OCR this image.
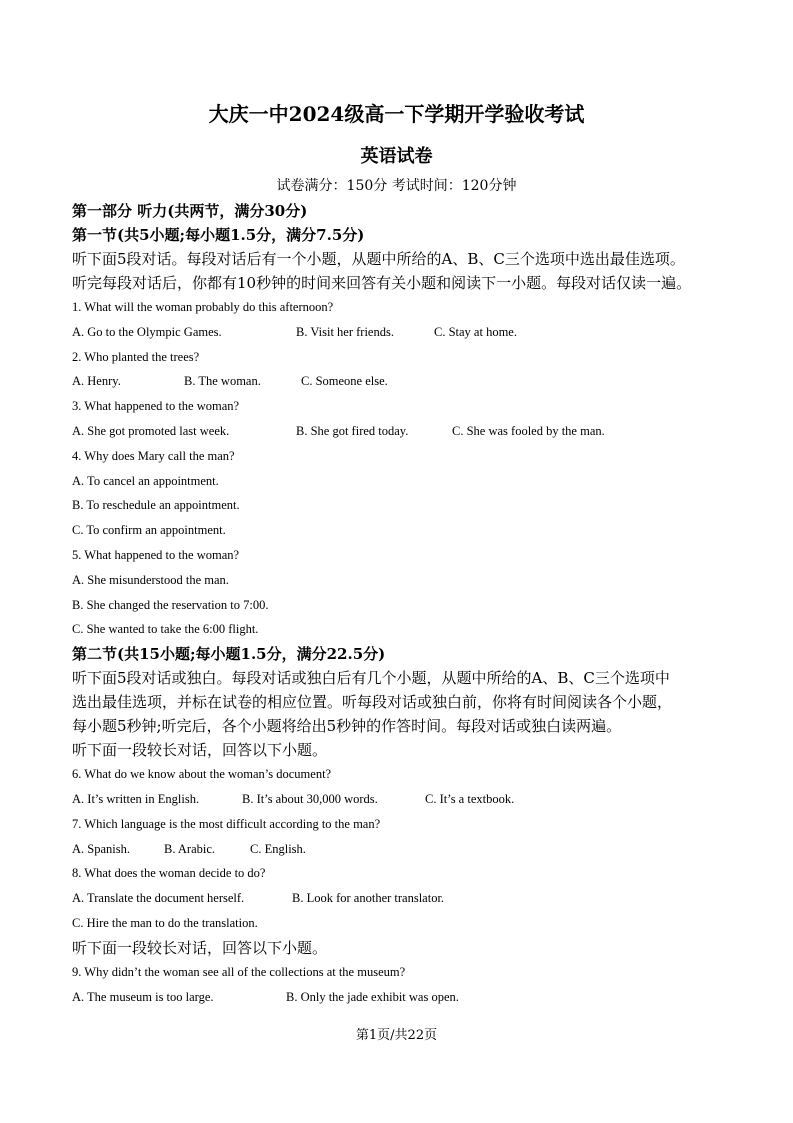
大庆一中2024级高一下学期开学验收考试
英语试卷
试卷满分：150分 考试时间：120分钟
第一部分 听力(共两节，满分30分)
第一节(共5小题;每小题1.5分，满分7.5分)
听下面5段对话。每段对话后有一个小题，从题中所给的A、B、C三个选项中选出最佳选项。
听完每段对话后，你都有10秒钟的时间来回答有关小题和阅读下一小题。每段对话仅读一遍。
1. What will the woman probably do this afternoon?
A. Go to the Olympic Games.	B. Visit her friends.	C. Stay at home.
2. Who planted the trees?
A. Henry.	B. The woman.	C. Someone else.
3. What happened to the woman?
A. She got promoted last week.	B. She got fired today.	C. She was fooled by the man.
4. Why does Mary call the man?
A. To cancel an appointment.
B. To reschedule an appointment.
C. To confirm an appointment.
5. What happened to the woman?
A. She misunderstood the man.
B. She changed the reservation to 7:00.
C. She wanted to take the 6:00 flight.
第二节(共15小题;每小题1.5分，满分22.5分)
听下面5段对话或独白。每段对话或独白后有几个小题，从题中所给的A、B、C三个选项中
选出最佳选项，并标在试卷的相应位置。听每段对话或独白前，你将有时间阅读各个小题，
每小题5秒钟;听完后，各个小题将给出5秒钟的作答时间。每段对话或独白读两遍。
听下面一段较长对话，回答以下小题。
6. What do we know about the woman’s document?
A. It’s written in English.	B. It’s about 30,000 words.	C. It’s a textbook.
7. Which language is the most difficult according to the man?
A. Spanish.	B. Arabic.	C. English.
8. What does the woman decide to do?
A. Translate the document herself.	B. Look for another translator.
C. Hire the man to do the translation.
听下面一段较长对话，回答以下小题。
9. Why didn’t the woman see all of the collections at the museum?
A. The museum is too large.	B. Only the jade exhibit was open.
第1页/共22页
